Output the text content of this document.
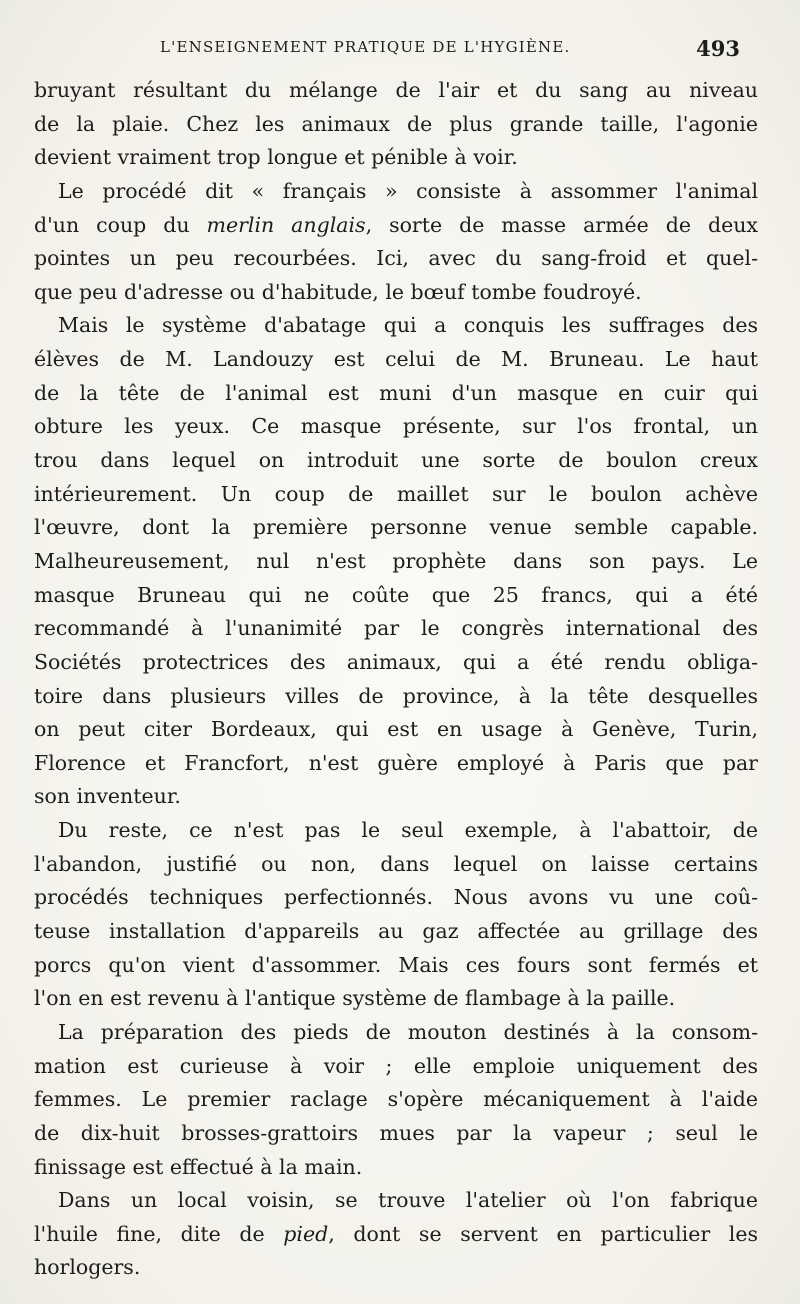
L'ENSEIGNEMENT PRATIQUE DE L'HYGIÈNE.	493
bruyant résultant du mélange de l'air et du sang au niveau
de la plaie. Chez les animaux de plus grande taille, l'agonie
devient vraiment trop longue et pénible à voir.
Le procédé dit « français » consiste à assommer l'animal
d'un coup du merlin anglais, sorte de masse armée de deux
pointes un peu recourbées. Ici, avec du sang-froid et quel-
que peu d'adresse ou d'habitude, le bœuf tombe foudroyé.
Mais le système d'abatage qui a conquis les suffrages des
élèves de M. Landouzy est celui de M. Bruneau. Le haut
de la tête de l'animal est muni d'un masque en cuir qui
obture les yeux. Ce masque présente, sur l'os frontal, un
trou dans lequel on introduit une sorte de boulon creux
intérieurement. Un coup de maillet sur le boulon achève
l'œuvre, dont la première personne venue semble capable.
Malheureusement, nul n'est prophète dans son pays. Le
masque Bruneau qui ne coûte que 25 francs, qui a été
recommandé à l'unanimité par le congrès international des
Sociétés protectrices des animaux, qui a été rendu obliga-
toire dans plusieurs villes de province, à la tête desquelles
on peut citer Bordeaux, qui est en usage à Genève, Turin,
Florence et Francfort, n'est guère employé à Paris que par
son inventeur.
Du reste, ce n'est pas le seul exemple, à l'abattoir, de
l'abandon, justifié ou non, dans lequel on laisse certains
procédés techniques perfectionnés. Nous avons vu une coû-
teuse installation d'appareils au gaz affectée au grillage des
porcs qu'on vient d'assommer. Mais ces fours sont fermés et
l'on en est revenu à l'antique système de flambage à la paille.
La préparation des pieds de mouton destinés à la consom-
mation est curieuse à voir ; elle emploie uniquement des
femmes. Le premier raclage s'opère mécaniquement à l'aide
de dix-huit brosses-grattoirs mues par la vapeur ; seul le
finissage est effectué à la main.
Dans un local voisin, se trouve l'atelier où l'on fabrique
l'huile fine, dite de pied, dont se servent en particulier les
horlogers.
